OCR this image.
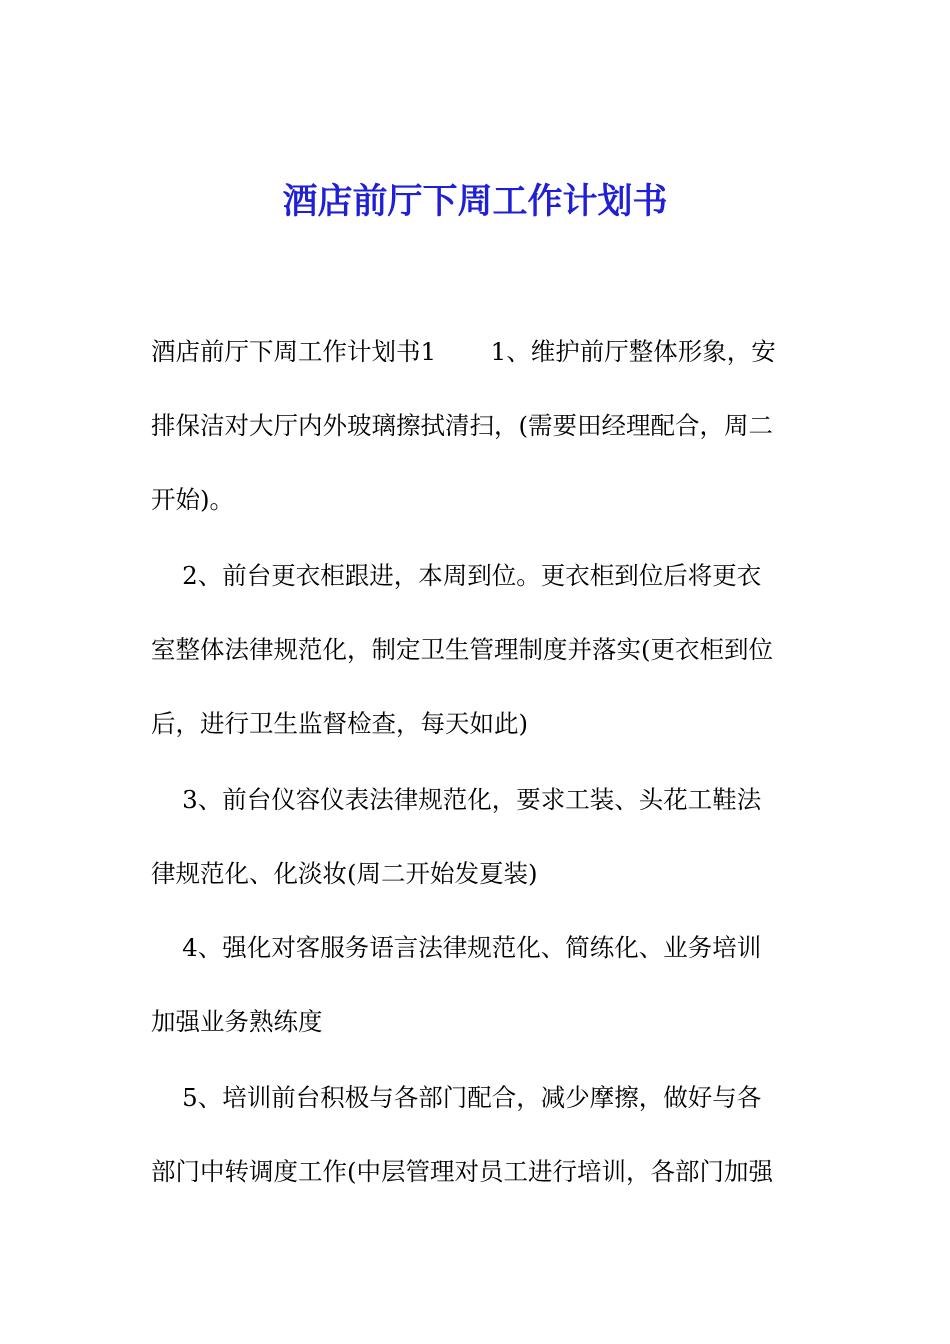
酒店前厅下周工作计划书

酒店前厅下周工作计划书1       1、维护前厅整体形象，安

排保洁对大厅内外玻璃擦拭清扫，(需要田经理配合，周二

开始)。

2、前台更衣柜跟进，本周到位。更衣柜到位后将更衣

室整体法律规范化，制定卫生管理制度并落实(更衣柜到位

后，进行卫生监督检查，每天如此)

3、前台仪容仪表法律规范化，要求工装、头花工鞋法

律规范化、化淡妆(周二开始发夏装)

4、强化对客服务语言法律规范化、简练化、业务培训

加强业务熟练度

5、培训前台积极与各部门配合，减少摩擦，做好与各

部门中转调度工作(中层管理对员工进行培训，各部门加强
